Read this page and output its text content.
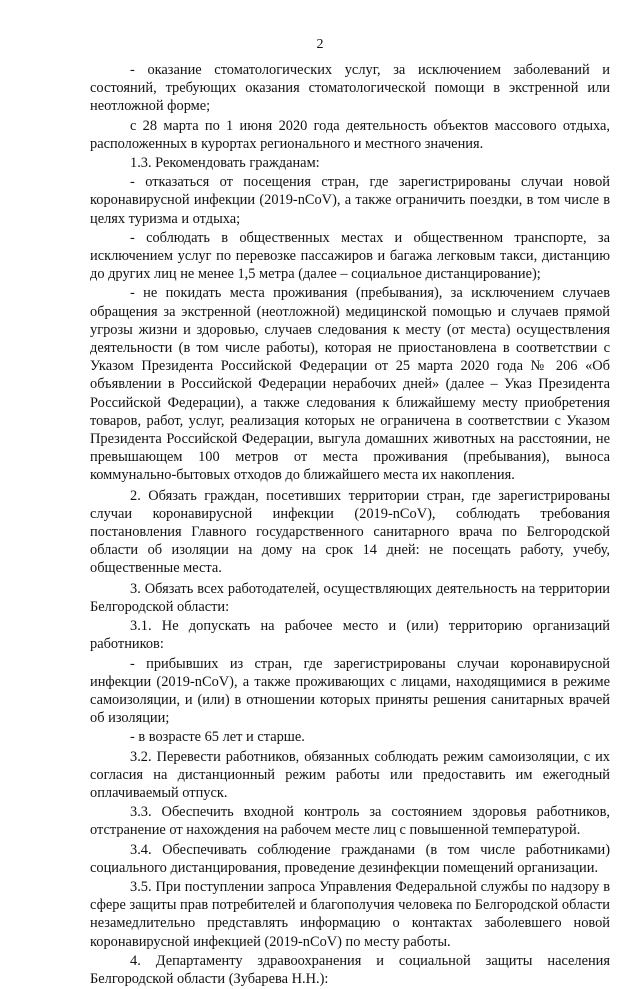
2

- оказание стоматологических услуг, за исключением заболеваний и состояний, требующих оказания стоматологической помощи в экстренной или неотложной форме;

с 28 марта по 1 июня 2020 года деятельность объектов массового отдыха, расположенных в курортах регионального и местного значения.

1.3. Рекомендовать гражданам:

- отказаться от посещения стран, где зарегистрированы случаи новой коронавирусной инфекции (2019-nCoV), а также ограничить поездки, в том числе в целях туризма и отдыха;

- соблюдать в общественных местах и общественном транспорте, за исключением услуг по перевозке пассажиров и багажа легковым такси, дистанцию до других лиц не менее 1,5 метра (далее – социальное дистанцирование);

- не покидать места проживания (пребывания), за исключением случаев обращения за экстренной (неотложной) медицинской помощью и случаев прямой угрозы жизни и здоровью, случаев следования к месту (от места) осуществления деятельности (в том числе работы), которая не приостановлена в соответствии с Указом Президента Российской Федерации от 25 марта 2020 года № 206 «Об объявлении в Российской Федерации нерабочих дней» (далее – Указ Президента Российской Федерации), а также следования к ближайшему месту приобретения товаров, работ, услуг, реализация которых не ограничена в соответствии с Указом Президента Российской Федерации, выгула домашних животных на расстоянии, не превышающем 100 метров от места проживания (пребывания), выноса коммунально-бытовых отходов до ближайшего места их накопления.

2. Обязать граждан, посетивших территории стран, где зарегистрированы случаи коронавирусной инфекции (2019-nCoV), соблюдать требования постановления Главного государственного санитарного врача по Белгородской области об изоляции на дому на срок 14 дней: не посещать работу, учебу, общественные места.

3. Обязать всех работодателей, осуществляющих деятельность на территории Белгородской области:

3.1. Не допускать на рабочее место и (или) территорию организаций работников:

- прибывших из стран, где зарегистрированы случаи коронавирусной инфекции (2019-nCoV), а также проживающих с лицами, находящимися в режиме самоизоляции, и (или) в отношении которых приняты решения санитарных врачей об изоляции;

- в возрасте 65 лет и старше.

3.2. Перевести работников, обязанных соблюдать режим самоизоляции, с их согласия на дистанционный режим работы или предоставить им ежегодный оплачиваемый отпуск.

3.3. Обеспечить входной контроль за состоянием здоровья работников, отстранение от нахождения на рабочем месте лиц с повышенной температурой.

3.4. Обеспечивать соблюдение гражданами (в том числе работниками) социального дистанцирования, проведение дезинфекции помещений организации.

3.5. При поступлении запроса Управления Федеральной службы по надзору в сфере защиты прав потребителей и благополучия человека по Белгородской области незамедлительно представлять информацию о контактах заболевшего новой коронавирусной инфекцией (2019-nCoV) по месту работы.

4. Департаменту здравоохранения и социальной защиты населения Белгородской области (Зубарева Н.Н.):
